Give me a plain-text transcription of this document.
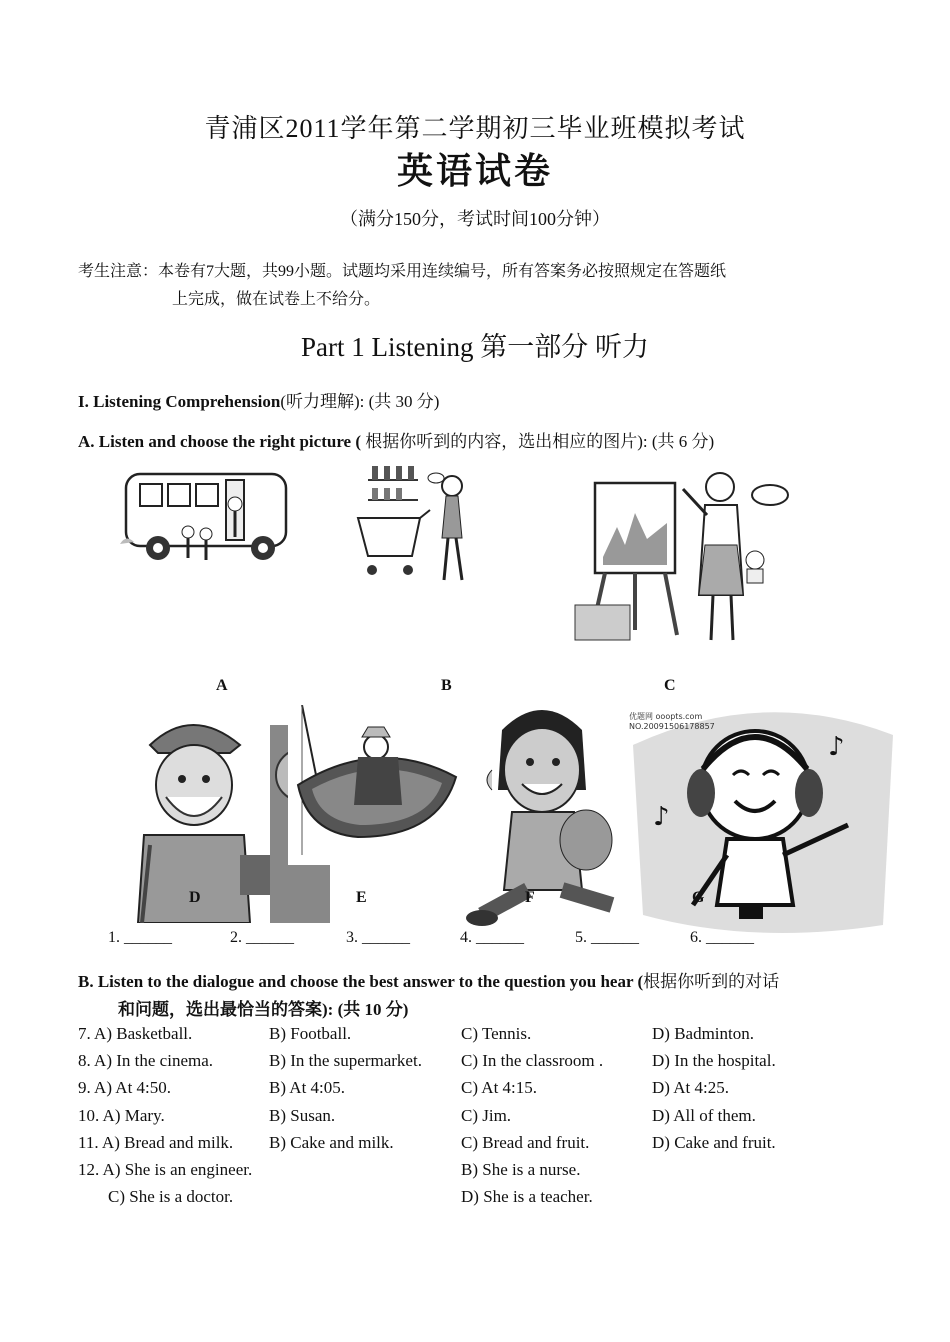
青浦区2011学年第二学期初三毕业班模拟考试
英语试卷
（满分150分，考试时间100分钟）
考生注意：本卷有7大题，共99小题。试题均采用连续编号，所有答案务必按照规定在答题纸
上完成，做在试卷上不给分。
Part 1 Listening 第一部分 听力
I. Listening Comprehension(听力理解): (共 30 分)
A. Listen and choose the right picture ( 根据你听到的内容，选出相应的图片): (共 6 分)
A	B	C
♪
♪
优题网 ooopts.com
NO.20091506178857
D	E	F	G
1. ______	2. ______	3. ______	4. ______	5. ______	6. ______
B. Listen to the dialogue and choose the best answer to the question you hear (根据你听到的对话
和问题，选出最恰当的答案): (共 10 分)
7. A) Basketball.	B) Football.	C) Tennis.	D) Badminton.
8. A) In the cinema.	B) In the supermarket. C) In the classroom .	D) In the hospital.
9. A) At 4:50.	B) At 4:05.	C) At 4:15.	D) At 4:25.
10. A) Mary.	B) Susan.	C) Jim.	D) All of them.
11. A) Bread and milk. B) Cake and milk.	C) Bread and fruit.	D) Cake and fruit.
12. A) She is an engineer.	B) She is a nurse.
C) She is a doctor.	D) She is a teacher.
